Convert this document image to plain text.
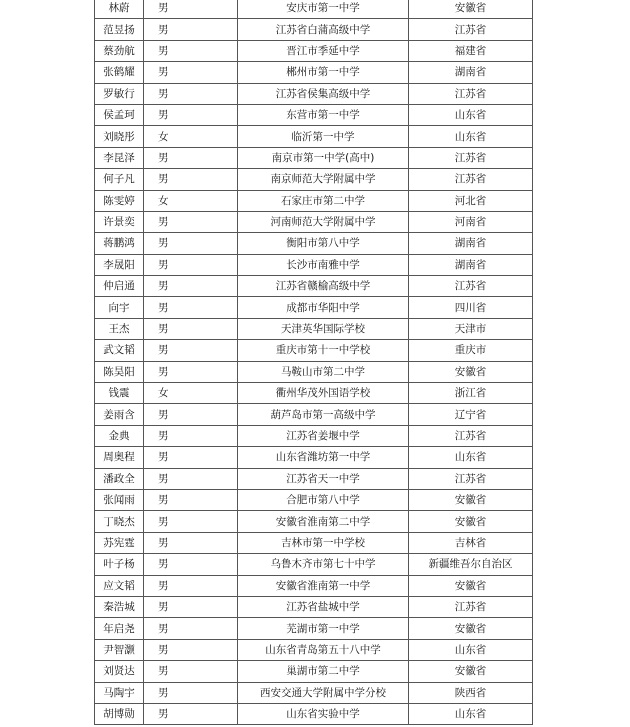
林蔚	男	安庆市第一中学	安徽省
范昱扬	男	江苏省白蒲高级中学	江苏省
蔡劲航	男	晋江市季延中学	福建省
张鹤耀	男	郴州市第一中学	湖南省
罗敏行	男	江苏省侯集高级中学	江苏省
侯孟珂	男	东营市第一中学	山东省
刘晓彤	女	临沂第一中学	山东省
李昆泽	男	南京市第一中学(高中)	江苏省
何子凡	男	南京师范大学附属中学	江苏省
陈雯婷	女	石家庄市第二中学	河北省
许景奕	男	河南师范大学附属中学	河南省
蒋鹏鸿	男	衡阳市第八中学	湖南省
李晟阳	男	长沙市南雅中学	湖南省
仲启通	男	江苏省赣榆高级中学	江苏省
向宇	男	成都市华阳中学	四川省
王杰	男	天津英华国际学校	天津市
武文韬	男	重庆市第十一中学校	重庆市
陈昊阳	男	马鞍山市第二中学	安徽省
钱震	女	衢州华茂外国语学校	浙江省
姜雨含	男	葫芦岛市第一高级中学	辽宁省
金典	男	江苏省姜堰中学	江苏省
周奥程	男	山东省潍坊第一中学	山东省
潘政全	男	江苏省天一中学	江苏省
张闻雨	男	合肥市第八中学	安徽省
丁晓杰	男	安徽省淮南第二中学	安徽省
苏宪霆	男	吉林市第一中学校	吉林省
叶子杨	男	乌鲁木齐市第七十中学	新疆维吾尔自治区
应文韬	男	安徽省淮南第一中学	安徽省
秦浩城	男	江苏省盐城中学	江苏省
年启尧	男	芜湖市第一中学	安徽省
尹智灏	男	山东省青岛第五十八中学	山东省
刘贤达	男	巢湖市第二中学	安徽省
马陶宇	男	西安交通大学附属中学分校	陕西省
胡博勋	男	山东省实验中学	山东省
